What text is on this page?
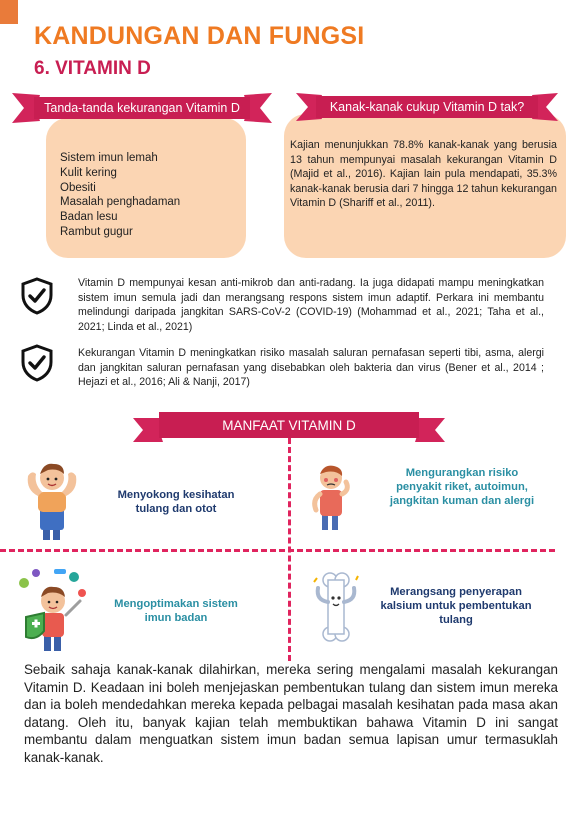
KANDUNGAN DAN FUNGSI
6. VITAMIN D
Tanda-tanda kekurangan Vitamin D
Sistem imun lemah
Kulit kering
Obesiti
Masalah penghadaman
Badan lesu
Rambut gugur
Kanak-kanak cukup Vitamin D tak?

Kajian menunjukkan 78.8% kanak-kanak yang berusia 13 tahun mempunyai masalah kekurangan Vitamin D (Majid et al., 2016). Kajian lain pula mendapati, 35.3% kanak-kanak berusia dari 7 hingga 12 tahun kekurangan Vitamin D (Shariff et al., 2011).

Vitamin D mempunyai kesan anti-mikrob dan anti-radang. Ia juga didapati mampu meningkatkan sistem imun semula jadi dan merangsang respons sistem imun adaptif. Perkara ini membantu melindungi daripada jangkitan SARS-CoV-2 (COVID-19) (Mohammad et al., 2021; Taha et al., 2021; Linda et al., 2021)

Kekurangan Vitamin D meningkatkan risiko masalah saluran pernafasan seperti tibi, asma, alergi dan jangkitan saluran pernafasan yang disebabkan oleh bakteria dan virus (Bener et al., 2014 ; Hejazi et al., 2016; Ali & Nanji, 2017)

MANFAAT VITAMIN D

Menyokong kesihatan tulang dan otot

Mengurangkan risiko penyakit riket, autoimun, jangkitan kuman dan alergi

Mengoptimakan sistem imun badan

Merangsang penyerapan kalsium untuk pembentukan tulang

Sebaik sahaja kanak-kanak dilahirkan, mereka sering mengalami masalah kekurangan Vitamin D. Keadaan ini boleh menjejaskan pembentukan tulang dan sistem imun mereka dan ia boleh mendedahkan mereka kepada pelbagai masalah kesihatan pada masa akan datang. Oleh itu, banyak kajian telah membuktikan bahawa Vitamin D ini sangat membantu dalam menguatkan sistem imun badan semua lapisan umur termasuklah kanak-kanak.
